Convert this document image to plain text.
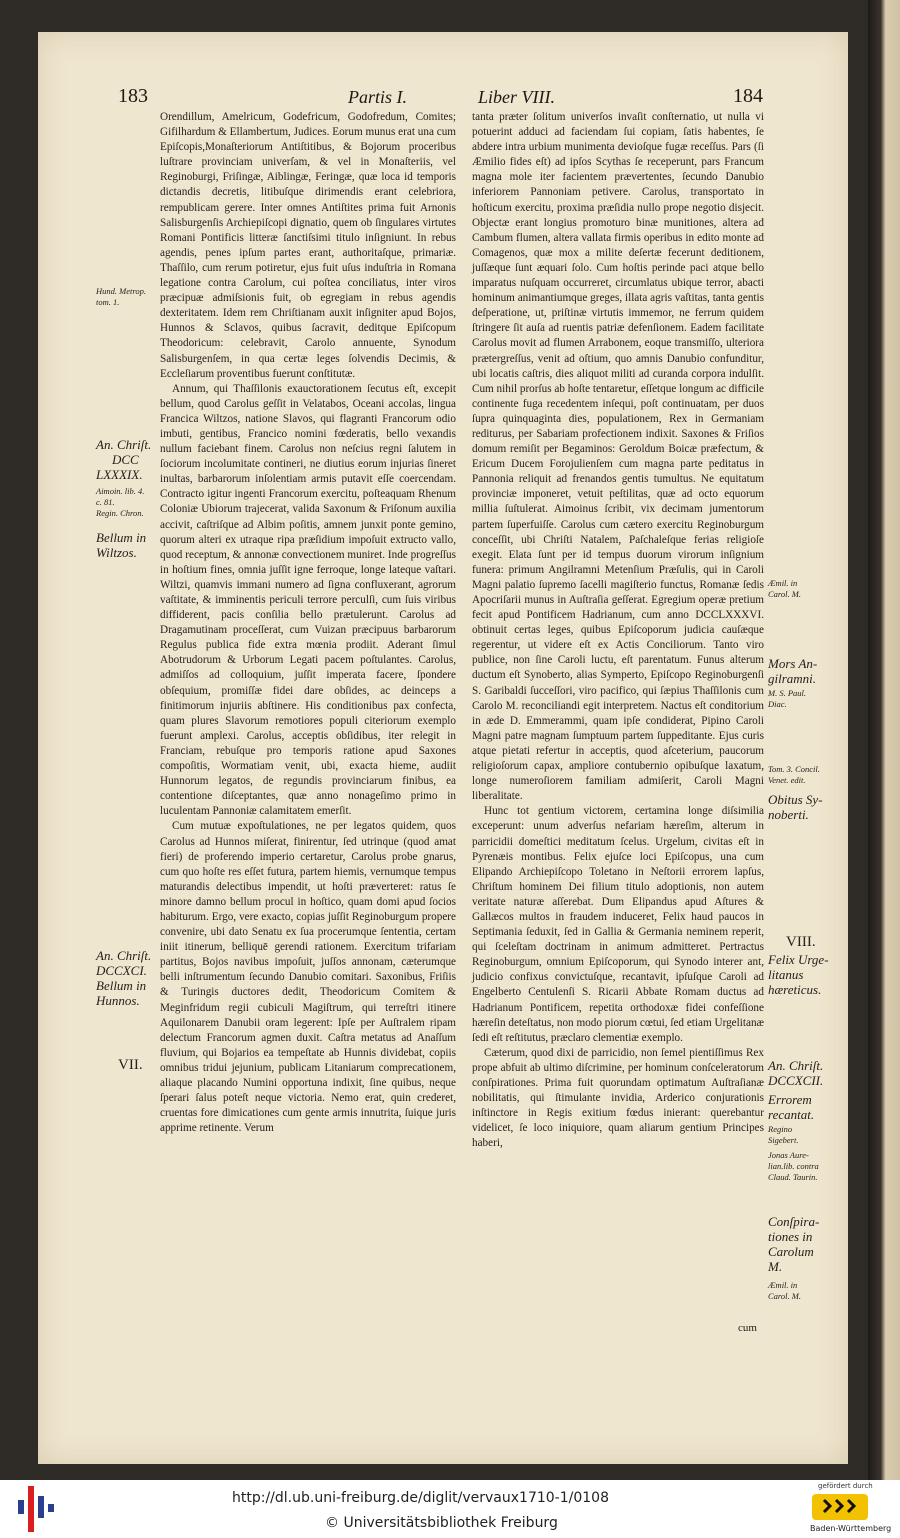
183	Partis I.	Liber VIII.	184

Orendillum, Amelricum, Godefricum, Godofredum, Comites; Gifilhardum & Ellambertum, Judices. Eorum munus erat una cum Epiſcopis,Monaſteriorum Antiſtitibus, & Bojorum proceribus luſtrare provinciam univerſam, & vel in Monaſteriis, vel Reginoburgi, Friſingæ, Aiblingæ, Feringæ, quæ loca id temporis dictandis decretis, litibuſque dirimendis erant celebriora, rempublicam gerere. Inter omnes Antiſtites prima fuit Arnonis Salisburgenſis Archiepiſcopi dignatio, quem ob ſingulares virtutes Romani Pontificis litteræ ſanctiſsimi titulo inſigniunt. In rebus agendis, penes ipſum partes erant, authoritaſque, primariæ. Thaſſilo, cum rerum potiretur, ejus fuit uſus induſtria in Romana legatione contra Carolum, cui poſtea conciliatus, inter viros præcipuæ admiſsionis fuit, ob egregiam in rebus agendis dexteritatem. Idem rem Chriſtianam auxit inſigniter apud Bojos, Hunnos & Sclavos, quibus ſacravit, deditque Epiſcopum Theodoricum: celebravit, Carolo annuente, Synodum Salisburgenſem, in qua certæ leges ſolvendis Decimis, & Eccleſiarum proventibus fuerunt conſtitutæ.

Annum, qui Thaſſilonis exauctorationem ſecutus eſt, excepit bellum, quod Carolus geſſit in Velatabos, Oceani accolas, lingua Francica Wiltzos, natione Slavos, qui flagranti Francorum odio imbuti, gentibus, Francico nomini fœderatis, bello vexandis nullum faciebant finem. Carolus non neſcius regni ſalutem in ſociorum incolumitate contineri, ne diutius eorum injurias ſineret inultas, barbarorum inſolentiam armis putavit eſſe coercendam. Contracto igitur ingenti Francorum exercitu, poſteaquam Rhenum Coloniæ Ubiorum trajecerat, valida Saxonum & Friſonum auxilia accivit, caſtriſque ad Albim poſitis, amnem junxit ponte gemino, quorum alteri ex utraque ripa præſidium impoſuit extructo vallo, quod receptum, & annonæ convectionem muniret. Inde progreſſus in hoſtium fines, omnia juſſit igne ferroque, longe lateque vaſtari. Wiltzi, quamvis immani numero ad ſigna confluxerant, agrorum vaſtitate, & imminentis periculi terrore perculſi, cum ſuis viribus diffiderent, pacis conſilia bello prætulerunt. Carolus ad Dragamutinam proceſſerat, cum Vuizan præcipuus barbarorum Regulus publica fide extra mœnia prodiit. Aderant ſimul Abotrudorum & Urborum Legati pacem poſtulantes. Carolus, admiſſos ad colloquium, juſſit imperata facere, ſpondere obſequium, promiſſæ fidei dare obſides, ac deinceps a finitimorum injuriis abſtinere. His conditionibus pax confecta, quam plures Slavorum remotiores populi citeriorum exemplo fuerunt amplexi. Carolus, acceptis obſidibus, iter relegit in Franciam, rebuſque pro temporis ratione apud Saxones compoſitis, Wormatiam venit, ubi, exacta hieme, audiit Hunnorum legatos, de regundis provinciarum finibus, ea contentione diſceptantes, quæ anno nonageſimo primo in luculentam Pannoniæ calamitatem emerſit.

Cum mutuæ expoſtulationes, ne per legatos quidem, quos Carolus ad Hunnos miſerat, finirentur, ſed utrinque (quod amat fieri) de proferendo imperio certaretur, Carolus probe gnarus, cum quo hoſte res eſſet futura, partem hiemis, vernumque tempus maturandis delectibus impendit, ut hoſti præverteret: ratus ſe minore damno bellum procul in hoſtico, quam domi apud ſocios habiturum. Ergo, vere exacto, copias juſſit Reginoburgum propere convenire, ubi dato Senatu ex ſua procerumque ſententia, certam iniit itinerum, belliquē gerendi rationem. Exercitum trifariam partitus, Bojos navibus impoſuit, juſſos annonam, cæterumque belli inſtrumentum ſecundo Danubio comitari. Saxonibus, Friſiis & Turingis ductores dedit, Theodoricum Comitem & Meginfridum regii cubiculi Magiſtrum, qui terreſtri itinere Aquilonarem Danubii oram legerent: Ipſe per Auſtralem ripam delectum Francorum agmen duxit. Caſtra metatus ad Anaſſum fluvium, qui Bojarios ea tempeſtate ab Hunnis dividebat, copiis omnibus tridui jejunium, publicam Litaniarum comprecationem, aliaque placando Numini opportuna indixit, ſine quibus, neque ſperari ſalus poteſt neque victoria. Nemo erat, quin crederet, cruentas fore dimicationes cum gente armis innutrita, ſuique juris apprime retinente. Verum

tanta præter ſolitum univerſos invaſit conſternatio, ut nulla vi potuerint adduci ad faciendam ſui copiam, ſatis habentes, ſe abdere intra urbium munimenta devioſque fugæ receſſus. Pars (ſi Æmilio fides eſt) ad ipſos Scythas ſe receperunt, pars Francum magna mole iter facientem prævertentes, ſecundo Danubio inferiorem Pannoniam petivere. Carolus, transportato in hoſticum exercitu, proxima præſidia nullo prope negotio disjecit. Objectæ erant longius promoturo binæ munitiones, altera ad Cambum flumen, altera vallata firmis operibus in edito monte ad Comagenos, quæ mox a milite deſertæ fecerunt deditionem, juſſæque ſunt æquari ſolo. Cum hoſtis perinde paci atque bello imparatus nuſquam occurreret, circumlatus ubique terror, abacti hominum animantiumque greges, illata agris vaſtitas, tanta gentis deſperatione, ut, priſtinæ virtutis immemor, ne ferrum quidem ſtringere ſit auſa ad ruentis patriæ defenſionem. Eadem facilitate Carolus movit ad flumen Arrabonem, eoque transmiſſo, ulteriora prætergreſſus, venit ad oſtium, quo amnis Danubio confunditur, ubi locatis caſtris, dies aliquot militi ad curanda corpora indulſit. Cum nihil prorſus ab hoſte tentaretur, eſſetque longum ac difficile continente fuga recedentem inſequi, poſt continuatam, per duos ſupra quinquaginta dies, populationem, Rex in Germaniam rediturus, per Sabariam profectionem indixit. Saxones & Friſios domum remiſit per Begaminos: Geroldum Boicæ præfectum, & Ericum Ducem Forojulienſem cum magna parte peditatus in Pannonia reliquit ad frenandos gentis tumultus. Ne equitatum provinciæ imponeret, vetuit peſtilitas, quæ ad octo equorum millia ſuſtulerat. Aimoinus ſcribit, vix decimam jumentorum partem ſuperfuiſſe. Carolus cum cætero exercitu Reginoburgum conceſſit, ubi Chriſti Natalem, Paſchaleſque ferias religioſe exegit. Elata ſunt per id tempus duorum virorum inſignium funera: primum Angilramni Metenſium Præſulis, qui in Caroli Magni palatio ſupremo ſacelli magiſterio functus, Romanæ ſedis Apocriſarii munus in Auſtraſia geſſerat. Egregium operæ pretium fecit apud Pontificem Hadrianum, cum anno DCCLXXXVI. obtinuit certas leges, quibus Epiſcoporum judicia cauſæque regerentur, ut videre eſt ex Actis Conciliorum. Tanto viro publice, non ſine Caroli luctu, eſt parentatum. Funus alterum ductum eſt Synoberto, alias Symperto, Epiſcopo Reginoburgenſi S. Garibaldi ſucceſſori, viro pacifico, qui ſæpius Thaſſilonis cum Carolo M. reconciliandi egit interpretem. Nactus eſt conditorium in æde D. Emmerammi, quam ipſe condiderat, Pipino Caroli Magni patre magnam ſumptuum partem ſuppeditante. Ejus curis atque pietati refertur in acceptis, quod aſceterium, paucorum religioſorum capax, ampliore contubernio opibuſque laxatum, longe numeroſiorem familiam admiſerit, Caroli Magni liberalitate.

Hunc tot gentium victorem, certamina longe diſsimilia exceperunt: unum adverſus nefariam hæreſim, alterum in parricidii domeſtici meditatum ſcelus. Urgelum, civitas eſt in Pyrenæis montibus. Felix ejuſce loci Epiſcopus, una cum Elipando Archiepiſcopo Toletano in Neſtorii errorem lapſus, Chriſtum hominem Dei filium titulo adoptionis, non autem veritate naturæ aſſerebat. Dum Elipandus apud Aſtures & Gallæcos multos in fraudem induceret, Felix haud paucos in Septimania ſeduxit, ſed in Gallia & Germania neminem reperit, qui ſceleſtam doctrinam in animum admitteret. Pertractus Reginoburgum, omnium Epiſcoporum, qui Synodo interer ant, judicio confixus convictuſque, recantavit, ipſuſque Caroli ad Engelberto Centulenſi S. Ricarii Abbate Romam ductus ad Hadrianum Pontificem, repetita orthodoxæ fidei confeſſione hæreſin deteſtatus, non modo piorum cœtui, ſed etiam Urgelitanæ ſedi eſt reſtitutus, præclaro clementiæ exemplo.

Cæterum, quod dixi de parricidio, non ſemel pientiſſimus Rex prope abfuit ab ultimo diſcrimine, per hominum conſceleratorum conſpirationes. Prima fuit quorundam optimatum Auſtraſianæ nobilitatis, qui ſtimulante invidia, Arderico conjurationis inſtinctore in Regis exitium fœdus inierant: querebantur videlicet, ſe loco iniquiore, quam aliarum gentium Principes haberi,

cum
Hund. Metrop.
tom. 1.
An. Chriſt.
DCC
LXXXIX.
Aimoin. lib. 4.
c. 81.
Regin. Chron.
Bellum in
Wiltzos.
An. Chriſt.
DCCXCI.
Bellum in
Hunnos.
VII.
Æmil. in
Carol. M.
Mors An-
gilramni.
M. S. Paul.
Diac.
Tom. 3. Concil.
Venet. edit.
Obitus Sy-
noberti.
VIII.
Felix Urge-
litanus
hæreticus.
An. Chriſt.
DCCXCII.
Errorem
recantat.
Regino
Sigebert.
Jonas Aure-
lian.lib. contra
Claud. Taurin.
Conſpira-
tiones in
Carolum
M.
Æmil. in
Carol. M.
http://dl.ub.uni-freiburg.de/diglit/vervaux1710-1/0108
© Universitätsbibliothek Freiburg
gefördert durch
Baden-Württemberg
